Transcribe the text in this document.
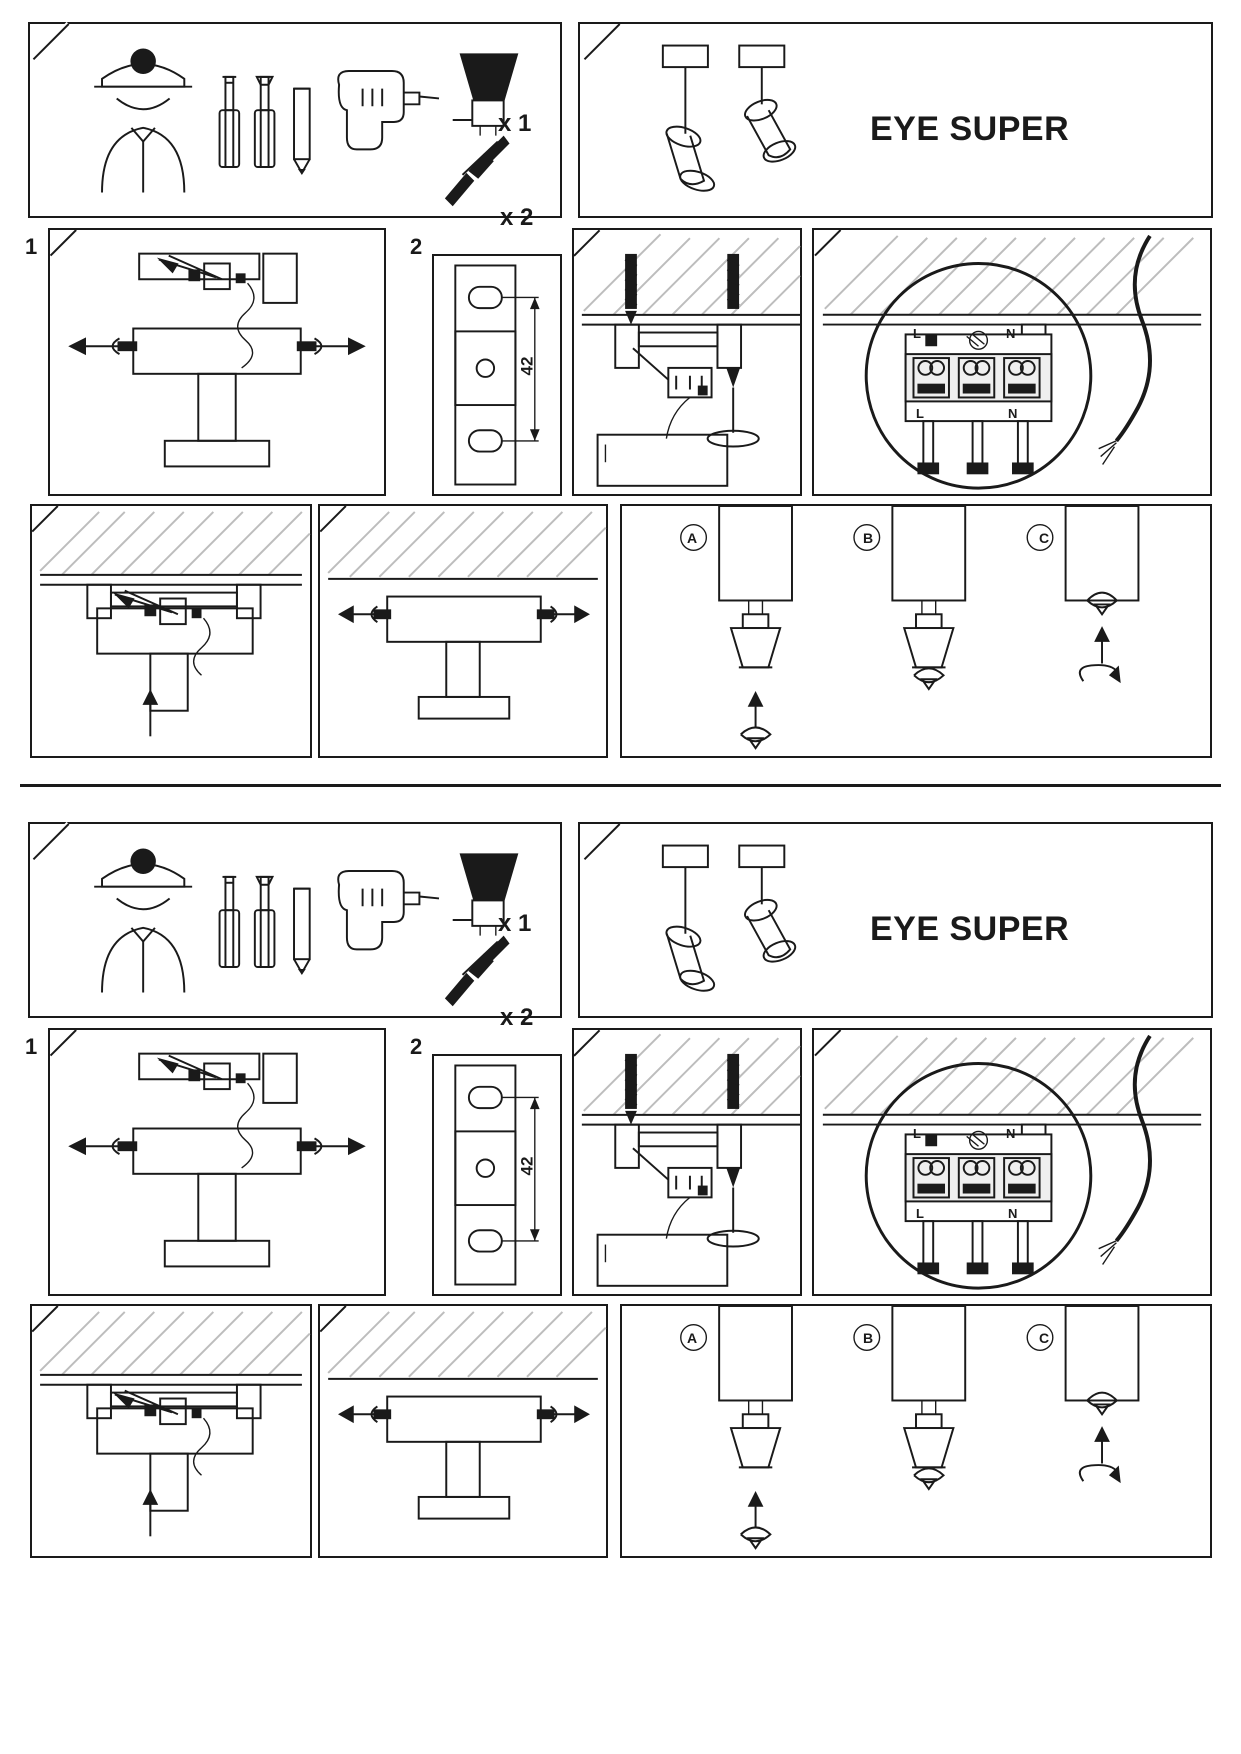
x 1
x 2
EYE SUPER
1	2
42
L	N
L	N
A	B	C
x 1
x 2
EYE SUPER
1	2
42
L	N
L	N
A	B	C
